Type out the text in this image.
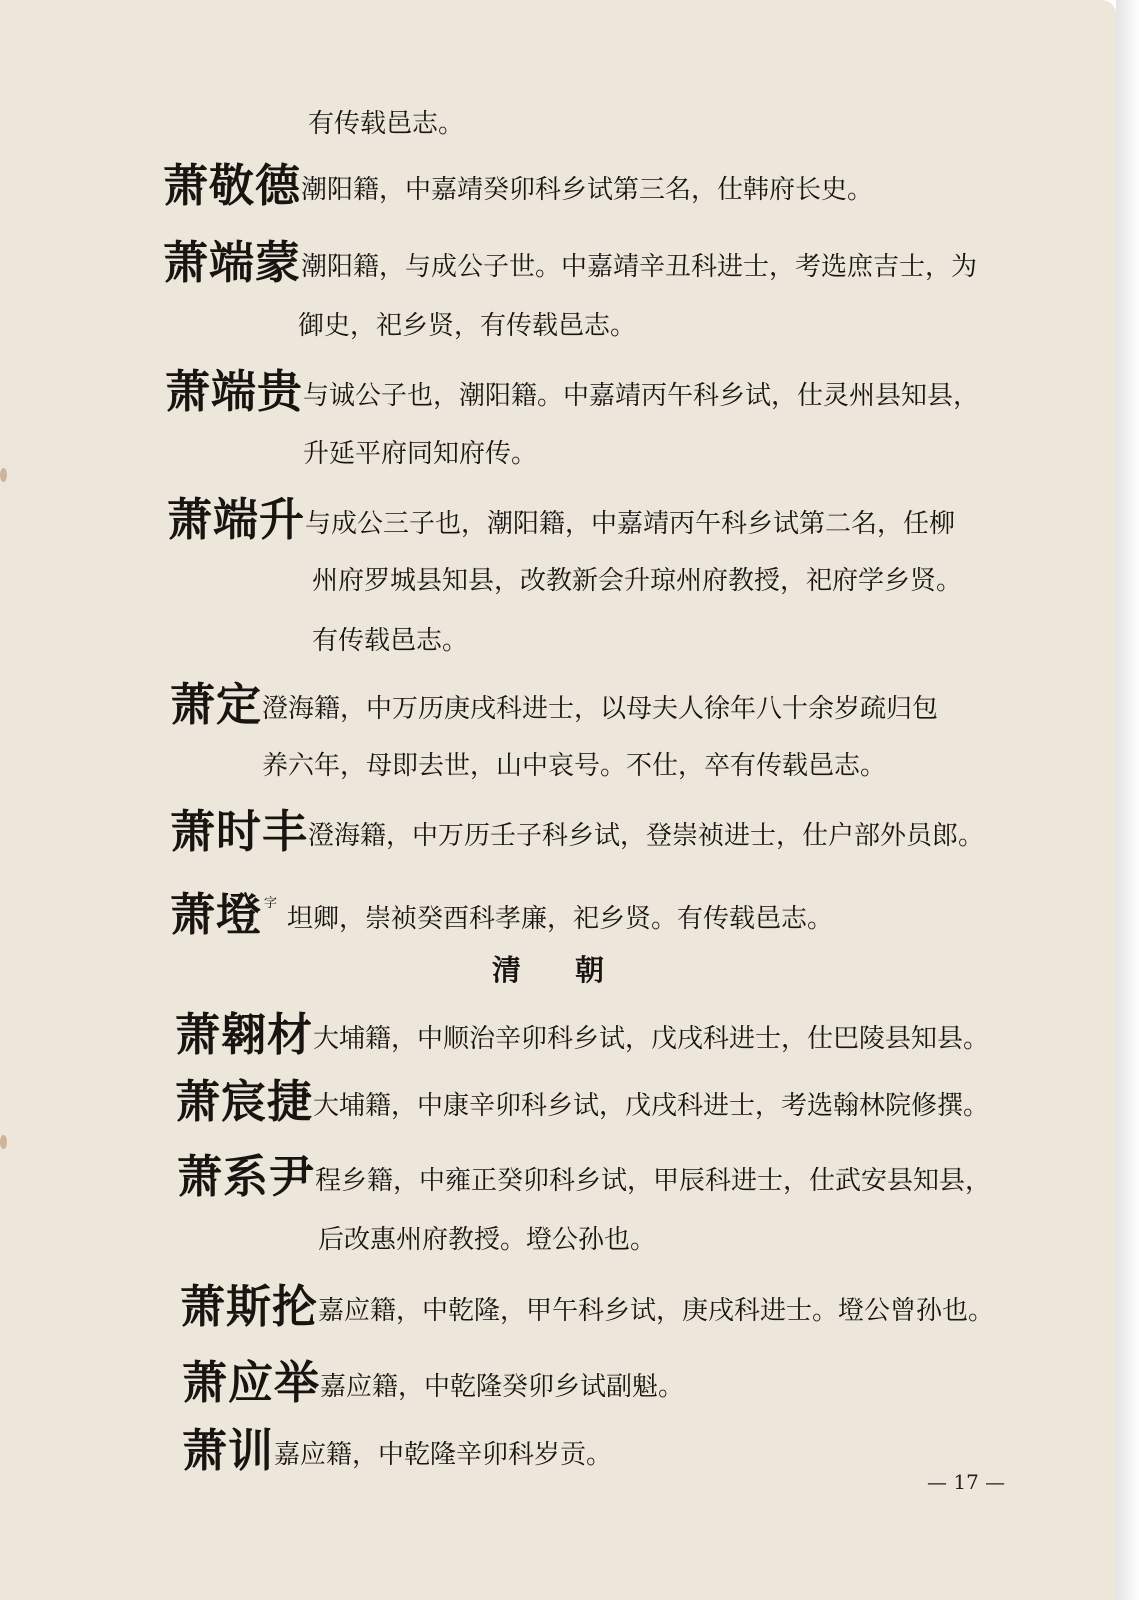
有传载邑志。
萧敬德潮阳籍，中嘉靖癸卯科乡试第三名，仕韩府长史。
萧端蒙潮阳籍，与成公子世。中嘉靖辛丑科进士，考选庶吉士，为
御史，祀乡贤，有传载邑志。
萧端贵与诚公子也，潮阳籍。中嘉靖丙午科乡试，仕灵州县知县，
升延平府同知府传。
萧端升与成公三子也，潮阳籍，中嘉靖丙午科乡试第二名，任柳
州府罗城县知县，改教新会升琼州府教授，祀府学乡贤。
有传载邑志。
萧定澄海籍，中万历庚戌科进士，以母夫人徐年八十余岁疏归包
养六年，母即去世，山中哀号。不仕，卒有传载邑志。
萧时丰澄海籍，中万历壬子科乡试，登崇祯进士，仕户部外员郎。
萧墱 $^字$坦卿，崇祯癸酉科孝廉，祀乡贤。有传载邑志。
清朝
萧翱材大埔籍，中顺治辛卯科乡试，戊戌科进士，仕巴陵县知县。
萧宸捷大埔籍，中康辛卯科乡试，戊戌科进士，考选翰林院修撰。
萧系尹程乡籍，中雍正癸卯科乡试，甲辰科进士，仕武安县知县，
后改惠州府教授。墱公孙也。
萧斯抡嘉应籍，中乾隆，甲午科乡试，庚戌科进士。墱公曾孙也。
萧应举嘉应籍，中乾隆癸卯乡试副魁。
萧训嘉应籍，中乾隆辛卯科岁贡。
— 17 —
